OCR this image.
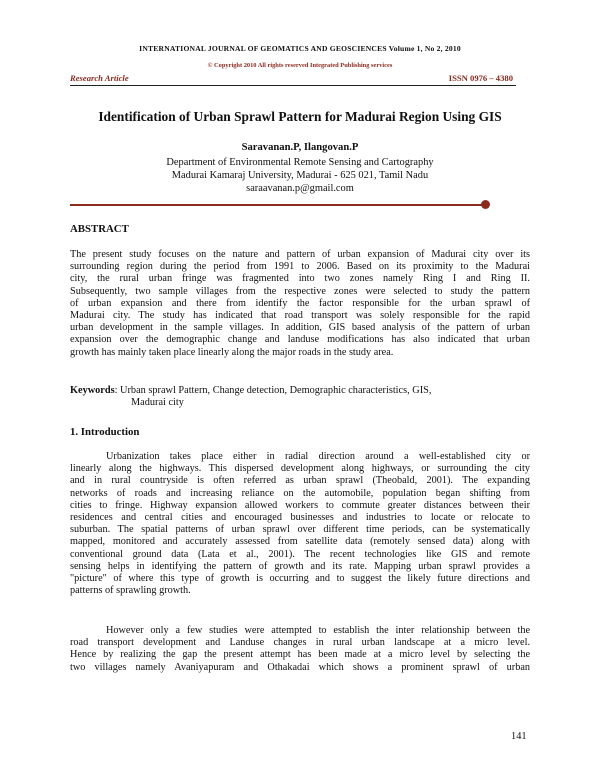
INTERNATIONAL JOURNAL OF GEOMATICS AND GEOSCIENCES Volume 1, No 2, 2010
© Copyright 2010 All rights reserved Integrated Publishing services
Research Article	ISSN 0976 – 4380
Identification of Urban Sprawl Pattern for Madurai Region Using GIS
Saravanan.P, Ilangovan.P
Department of Environmental Remote Sensing and Cartography
Madurai Kamaraj University, Madurai - 625 021, Tamil Nadu
saraavanan.p@gmail.com
ABSTRACT
The present study focuses on the nature and pattern of urban expansion of Madurai city over its
surrounding region during the period from 1991 to 2006. Based on its proximity to the Madurai
city, the rural urban fringe was fragmented into two zones namely Ring I and Ring II.
Subsequently, two sample villages from the respective zones were selected to study the pattern
of urban expansion and there from identify the factor responsible for the urban sprawl of
Madurai city. The study has indicated that road transport was solely responsible for the rapid
urban development in the sample villages. In addition, GIS based analysis of the pattern of urban
expansion over the demographic change and landuse modifications has also indicated that urban
growth has mainly taken place linearly along the major roads in the study area.
Keywords: Urban sprawl Pattern, Change detection, Demographic characteristics, GIS,
Madurai city
1. Introduction
Urbanization takes place either in radial direction around a well-established city or
linearly along the highways. This dispersed development along highways, or surrounding the city
and in rural countryside is often referred as urban sprawl (Theobald, 2001). The expanding
networks of roads and increasing reliance on the automobile, population began shifting from
cities to fringe. Highway expansion allowed workers to commute greater distances between their
residences and central cities and encouraged businesses and industries to locate or relocate to
suburban. The spatial patterns of urban sprawl over different time periods, can be systematically
mapped, monitored and accurately assessed from satellite data (remotely sensed data) along with
conventional ground data (Lata et al., 2001). The recent technologies like GIS and remote
sensing helps in identifying the pattern of growth and its rate. Mapping urban sprawl provides a
"picture" of where this type of growth is occurring and to suggest the likely future directions and
patterns of sprawling growth.
However only a few studies were attempted to establish the inter relationship between the
road transport development and Landuse changes in rural urban landscape at a micro level.
Hence by realizing the gap the present attempt has been made at a micro level by selecting the
two villages namely Avaniyapuram and Othakadai which shows a prominent sprawl of urban
141
